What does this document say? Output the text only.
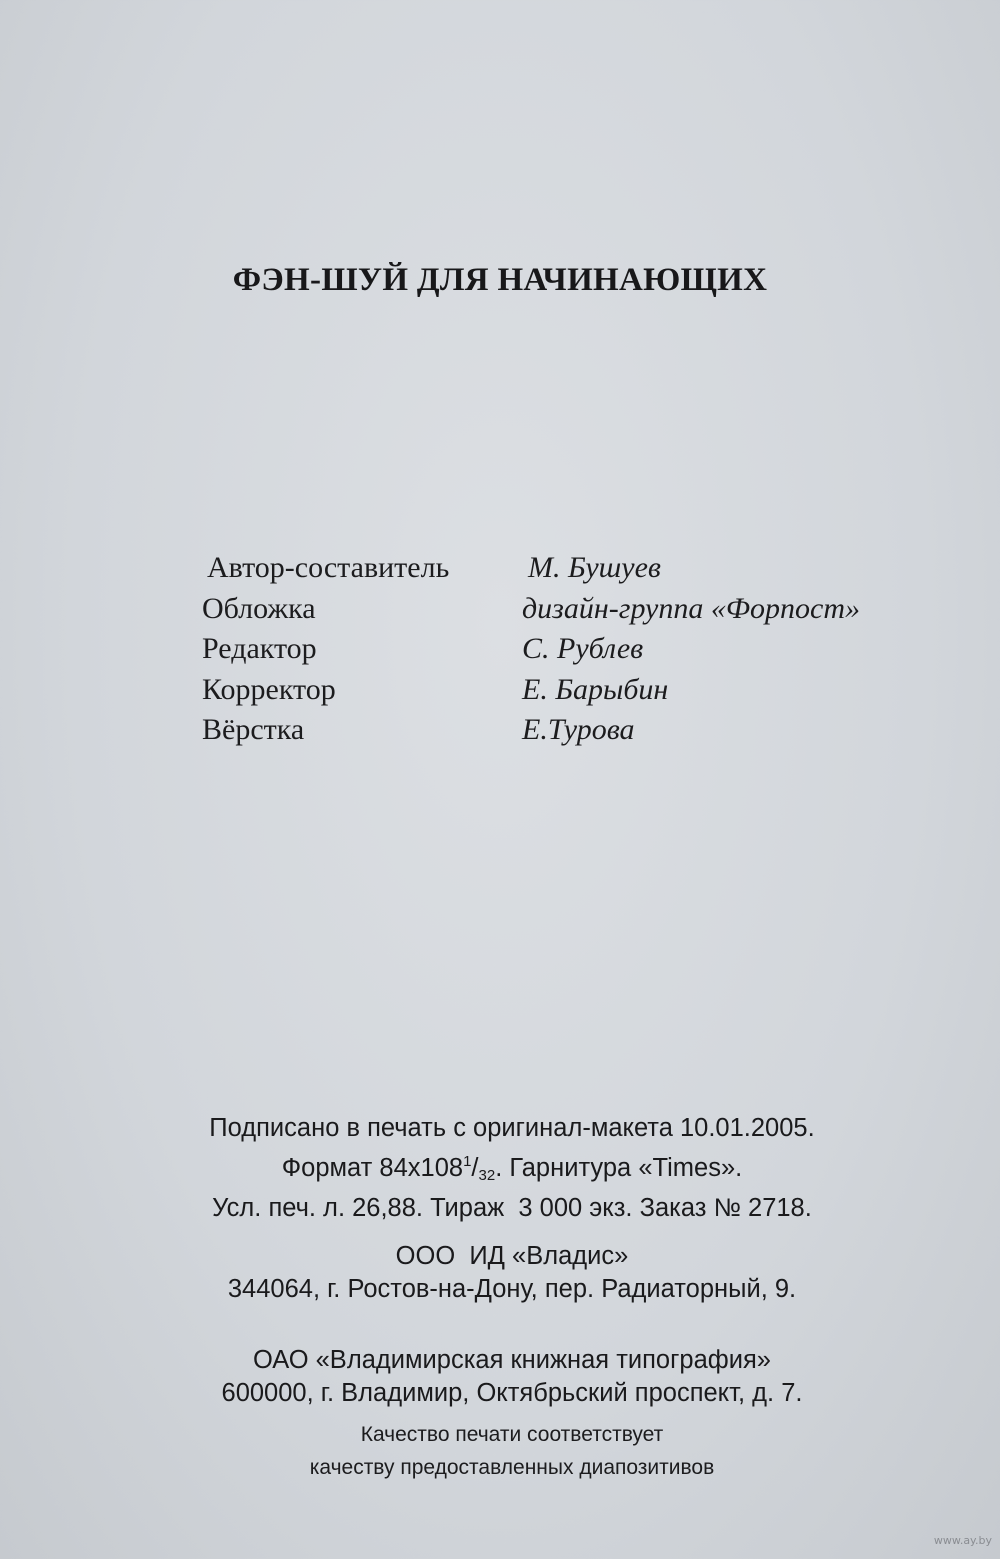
ФЭН-ШУЙ ДЛЯ НАЧИНАЮЩИХ
Автор-составитель	М. Бушуев
Обложка	дизайн-группа «Форпост»
Редактор	С. Рублев
Корректор	Е. Барыбин
Вёрстка	Е.Турова
Подписано в печать с оригинал-макета 10.01.2005.
Формат $84x108^1/_{32}$. Гарнитура «Times».
Усл. печ. л. 26,88. Тираж  3 000 экз. Заказ № 2718.
ООО  ИД «Владис»
344064, г. Ростов-на-Дону, пер. Радиаторный, 9.
ОАО «Владимирская книжная типография»
600000, г. Владимир, Октябрьский проспект, д. 7.
Качество печати соответствует
качеству предоставленных диапозитивов
www.ay.by
